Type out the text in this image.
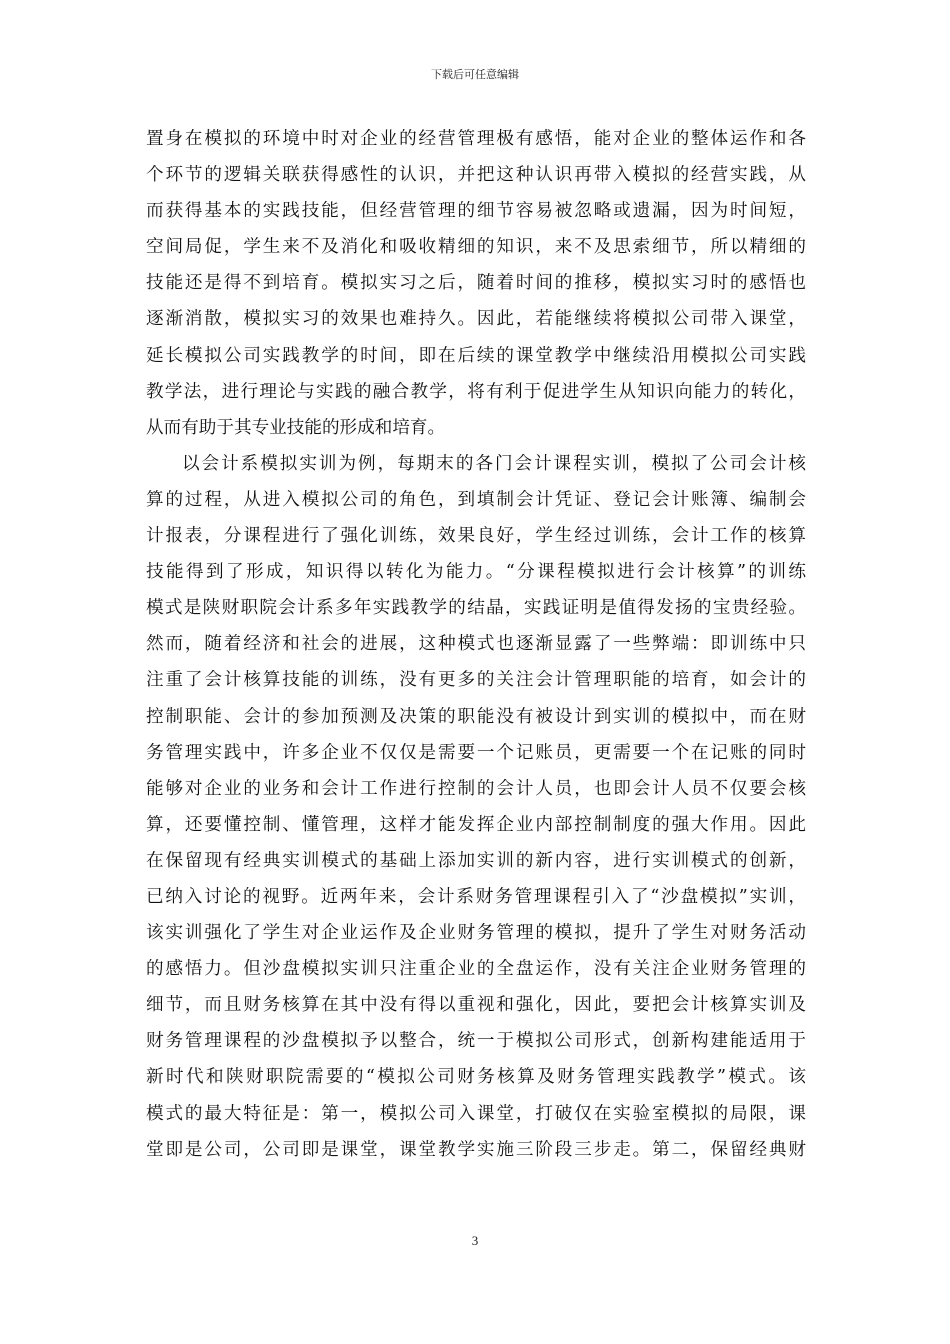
下载后可任意编辑
置身在模拟的环境中时对企业的经营管理极有感悟，能对企业的整体运作和各
个环节的逻辑关联获得感性的认识，并把这种认识再带入模拟的经营实践，从
而获得基本的实践技能，但经营管理的细节容易被忽略或遗漏，因为时间短，
空间局促，学生来不及消化和吸收精细的知识，来不及思索细节，所以精细的
技能还是得不到培育。模拟实习之后，随着时间的推移，模拟实习时的感悟也
逐渐消散，模拟实习的效果也难持久。因此，若能继续将模拟公司带入课堂，
延长模拟公司实践教学的时间，即在后续的课堂教学中继续沿用模拟公司实践
教学法，进行理论与实践的融合教学，将有利于促进学生从知识向能力的转化，
从而有助于其专业技能的形成和培育。
以会计系模拟实训为例，每期末的各门会计课程实训，模拟了公司会计核
算的过程，从进入模拟公司的角色，到填制会计凭证、登记会计账簿、编制会
计报表，分课程进行了强化训练，效果良好，学生经过训练，会计工作的核算
技能得到了形成，知识得以转化为能力。“分课程模拟进行会计核算”的训练
模式是陕财职院会计系多年实践教学的结晶，实践证明是值得发扬的宝贵经验。
然而，随着经济和社会的进展，这种模式也逐渐显露了一些弊端：即训练中只
注重了会计核算技能的训练，没有更多的关注会计管理职能的培育，如会计的
控制职能、会计的参加预测及决策的职能没有被设计到实训的模拟中，而在财
务管理实践中，许多企业不仅仅是需要一个记账员，更需要一个在记账的同时
能够对企业的业务和会计工作进行控制的会计人员，也即会计人员不仅要会核
算，还要懂控制、懂管理，这样才能发挥企业内部控制制度的强大作用。因此
在保留现有经典实训模式的基础上添加实训的新内容，进行实训模式的创新，
已纳入讨论的视野。近两年来，会计系财务管理课程引入了“沙盘模拟”实训，
该实训强化了学生对企业运作及企业财务管理的模拟，提升了学生对财务活动
的感悟力。但沙盘模拟实训只注重企业的全盘运作，没有关注企业财务管理的
细节，而且财务核算在其中没有得以重视和强化，因此，要把会计核算实训及
财务管理课程的沙盘模拟予以整合，统一于模拟公司形式，创新构建能适用于
新时代和陕财职院需要的“模拟公司财务核算及财务管理实践教学”模式。该
模式的最大特征是：第一，模拟公司入课堂，打破仅在实验室模拟的局限，课
堂即是公司，公司即是课堂，课堂教学实施三阶段三步走。第二，保留经典财
3
